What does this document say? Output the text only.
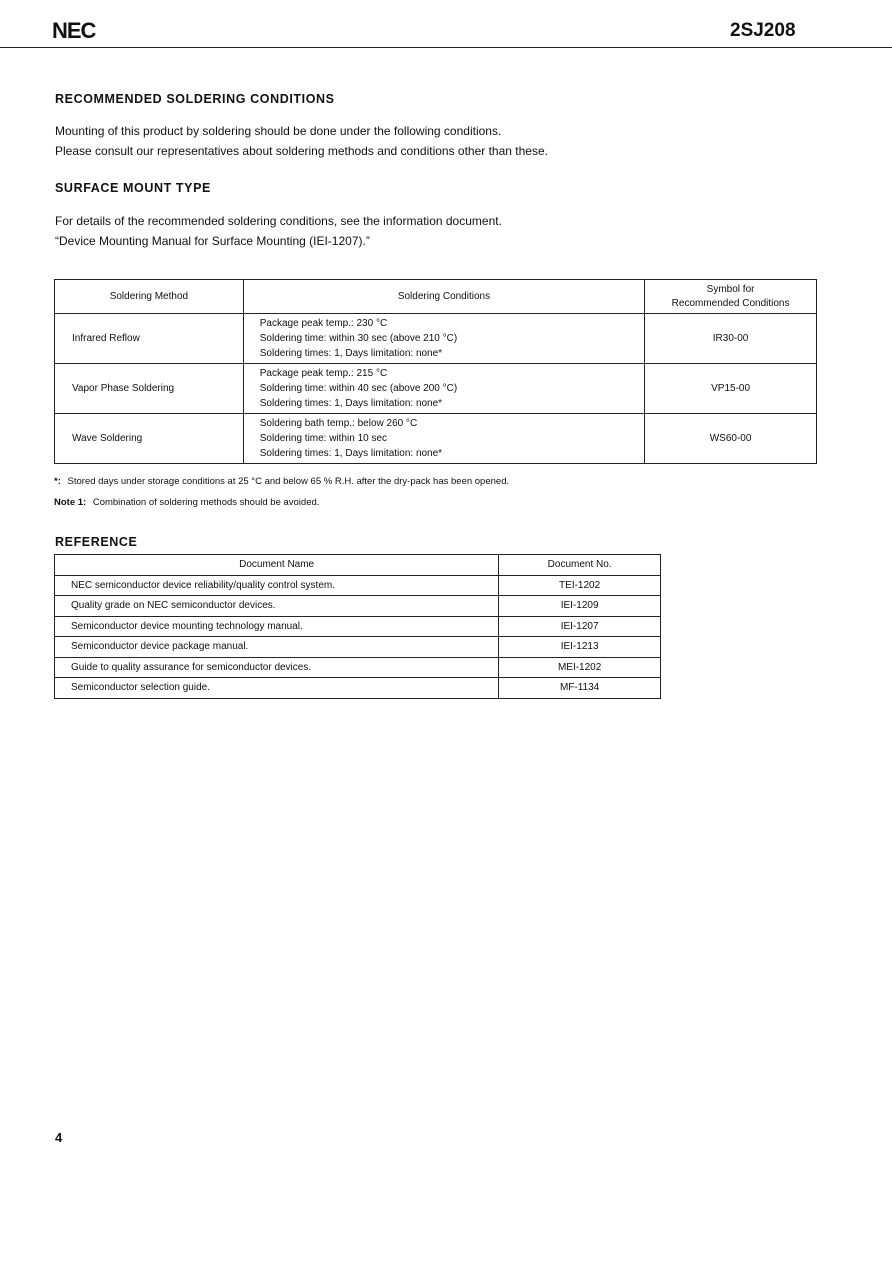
NEC	2SJ208
RECOMMENDED SOLDERING CONDITIONS
Mounting of this product by soldering should be done under the following conditions.
Please consult our representatives about soldering methods and conditions other than these.
SURFACE MOUNT TYPE
For details of the recommended soldering conditions, see the information document.
“Device Mounting Manual for Surface Mounting (IEI-1207).”
Soldering Method	Soldering Conditions	Symbol for
Recommended Conditions

Infrared Reflow	Package peak temp.: 230 °C
Soldering time: within 30 sec (above 210 °C)
Soldering times: 1, Days limitation: none*	IR30-00
Vapor Phase Soldering	Package peak temp.: 215 °C
Soldering time: within 40 sec (above 200 °C)
Soldering times: 1, Days limitation: none*	VP15-00
Wave Soldering	Soldering bath temp.: below 260 °C
Soldering time: within 10 sec
Soldering times: 1, Days limitation: none*	WS60-00
*: Stored days under storage conditions at 25 °C and below 65 % R.H. after the dry-pack has been opened.
Note 1: Combination of soldering methods should be avoided.
REFERENCE
Document Name	Document No.
NEC semiconductor device reliability/quality control system.	TEI-1202
Quality grade on NEC semiconductor devices.	IEI-1209
Semiconductor device mounting technology manual.	IEI-1207
Semiconductor device package manual.	IEI-1213
Guide to quality assurance for semiconductor devices.	MEI-1202
Semiconductor selection guide.	MF-1134
4
